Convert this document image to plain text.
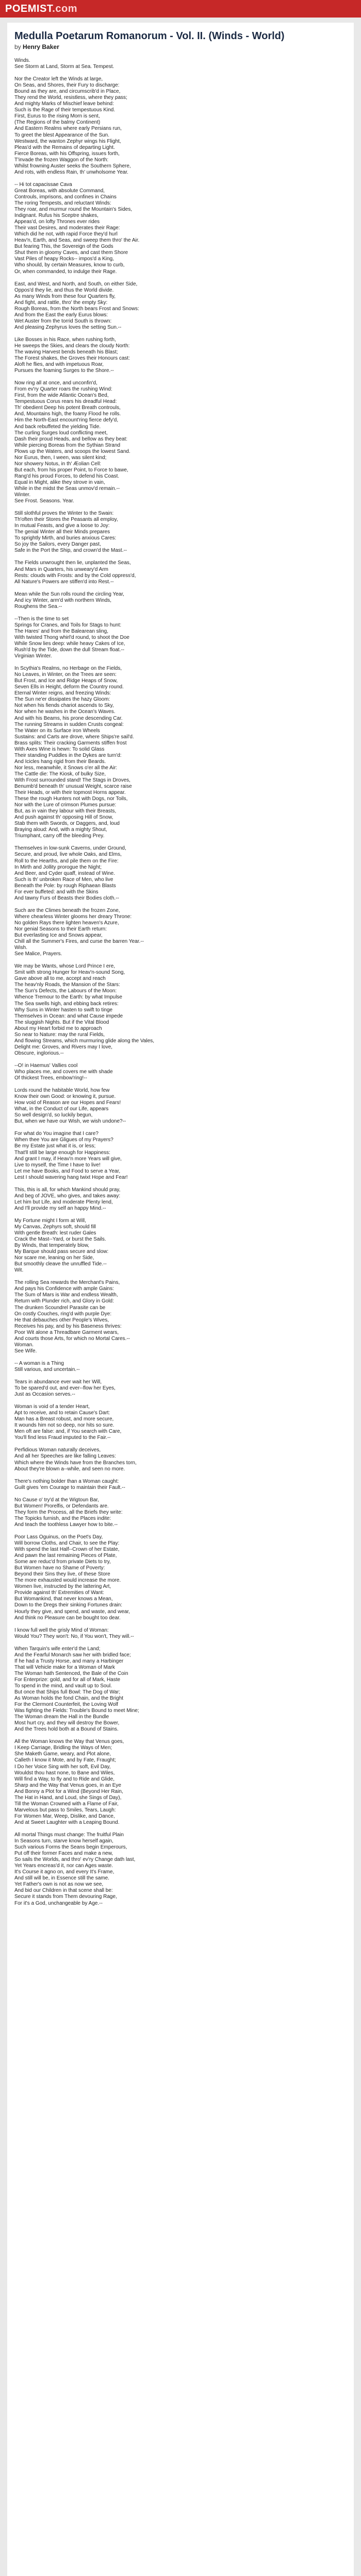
POEMIST.com
Medulla Poetarum Romanorum - Vol. II. (Winds - World)
by Henry Baker
Winds.
See Storm at Land, Storm at Sea. Tempest.
Nor the Creator left the Winds at large,
On Seas, and Shores, their Fury to discharge:
Bound as they are, and circumscrib'd in Place,
They rend the World, resistless, where they pass;
And mighty Marks of Mischief leave behind:
Such is the Rage of their tempestuous Kind.
First, Eurus to the rising Morn is sent,
(The Regions of the balmy Continent)
And Eastern Realms where early Persians run,
To greet the blest Appearance of the Sun.
Westward, the wanton Zephyr wings his Flight,
Pleas'd with the Remains of departing Light.
Fierce Boreas, with his Offspring, issues forth,
T'invade the frozen Waggon of the North:
Whilst frowning Auster seeks the Southern Sphere,
And rots, with endless Rain, th' unwholsome Year.
-- Hi tot capacissae Cava
Great Boreas, with absolute Command,
Controuls, imprisons, and confines in Chains
The roring Tempests, and reluctant Winds:
They roar, and murmur round the Mountain's Sides,
Indignant. Rufus his Sceptre shakes,
Appeas'd, on lofty Thrones ever rides
Their vast Desires, and moderates their Rage:
Which did he not, with rapid Force they'd hurl
Heav'n, Earth, and Seas, and sweep them thro' the Air.
But fearing This, the Sovereign of the Gods
Shut them in gloomy Caves, and cast them Shore
Vast Piles of heapy Rocks-- impos'd a King,
Who should, by certain Measures, know to curb,
Or, when commanded, to indulge their Rage.
East, and West, and North, and South, on either Side,
Oppos'd they lie, and thus the World divide.
As many Winds from these four Quarters fly,
And fight, and rattle, thro' the empty Sky:
Rough Boreas, from the North bears Frost and Snows:
And from the East the early Eurus blows:
Wet Auster from the torrid South is thrown:
And pleasing Zephyrus loves the setting Sun.--
Like Bosses in his Race, when rushing forth,
He sweeps the Skies, and clears the cloudy North:
The waving Harvest bends beneath his Blast;
The Forest shakes, the Groves their Honours cast:
Aloft he flies, and with impetuous Roar,
Pursues the foaming Surges to the Shore.--
Now ring all at once, and unconfin'd,
From ev'ry Quarter roars the rushing Wind:
First, from the wide Atlantic Ocean's Bed,
Tempestuous Corus rears his dreadful Head:
Th' obedient Deep his potent Breath controuls,
And, Mountains high, the foamy Flood he rolls.
Him the North-East encount'ring fierce defy'd,
And back rebuffeted the yielding Tide.
The curling Surges loud conflicting meet,
Dash their proud Heads, and bellow as they beat:
While piercing Boreas from the Sythian Strand
Plows up the Waters, and scoops the lowest Sand.
Nor Eurus, then, I ween, was silent kind;
Nor showery Notus, in th' Æolian Cell:
But each, from his proper Point, to Force to bawe,
Rang'd his proud Forces, to defend his Coast.
Equal in Might, alike they strove in vain,
While in the midst the Seas unmov'd remain.--
Winter.
See Frost. Seasons. Year.
Still slothful proves the Winter to the Swain:
Th'often their Stores the Peasants all employ,
In mutual Feasts, and give a loose to Joy:
The genial Winter all their Minds prepares
To sprightly Mirth, and buries anxious Cares:
So joy the Sailors, every Danger past,
Safe in the Port the Ship, and crown'd the Mast.--
The Fields unwrought then lie, unplanted the Seas,
And Mars in Quarters, his unweary'd Arm
Rests: clouds with Frosts: and by the Cold oppress'd,
All Nature's Powers are stiffen'd into Rest.--
Mean while the Sun rolls round the circling Year,
And icy Winter, arm'd with northern Winds,
Roughens the Sea.--
--Then is the time to set
Springs for Cranes, and Toils for Stags to hunt:
The Hares' and from the Balearean sling,
With twisted Thong whirl'd round, to shoot the Doe
While Snow lies deep: while heavy Cakes of Ice,
Rush'd by the Tide, down the dull Stream float.--
Virginian Winter.
In Scythia's Realms, no Herbage on the Fields,
No Leaves, in Winter, on the Trees are seen:
But Frost, and Ice and Ridge Heaps of Snow,
Seven Ells in Height, deform the Country round.
Eternal Winter reigns, and freezing Winds:
The Sun ne'er dissipates the hazy Gloom:
Not when his fiends chariot ascends to Sky,
Nor when he washes in the Ocean's Waves.
And with his Beams, his prone descending Car.
The running Streams in sudden Crusts congeal:
The Water on its Surface iron Wheels
Sustains: and Carts are drove, where Ships're sail'd.
Brass splits: Their cracking Garments stiffen frost
With Axes Wine is hewn: To solid Glass
Their standing Puddles in the Dykes are turn'd:
And Icicles hang rigid from their Beards.
Nor less, meanwhile, it Snows o'er all the Air:
The Cattle die: The Kiosk, of bulky Size,
With Frost surrounded stand! The Stags in Droves,
Benumb'd beneath th' unusual Weight, scarce raise
Their Heads, or with their topmost Horns appear.
These the rough Hunters not with Dogs, nor Toils,
Nor with the Lure of crimson Plumes pursue:
But, as in vain they labour with their Breasts,
And push against th' opposing Hill of Snow,
Stab them with Swords, or Daggers, and, loud
Braying aloud: And, with a mighty Shout,
Triumphant, carry off the bleeding Prey.
Themselves in low-sunk Caverns, under Ground,
Secure, and proud, live whole Oaks, and Elms,
Roll to the Hearths, and pile them on the Fire:
In Mirth and Jollity prorogue the Night;
And Beer, and Cyder quaff, instead of Wine.
Such is th' unbroken Race of Men, who live
Beneath the Pole: by rough Riphaean Blasts
For ever buffeted: and with the Skins
And tawny Furs of Beasts their Bodies cloth.--
Such are the Climes beneath the frozen Zone,
Where chearless Winter glooms her dreary Throne:
No golden Rays there lighten heaven's Azure,
Nor genial Seasons to their Earth return:
But everlasting Ice and Snows appear,
Chill all the Summer's Fires, and curse the barren Year.--
Wish.
See Malice, Prayers.
We may be Wants, whose Lord Prince I ere,
Smit with strong Hunger for Heav'n-sound Song,
Gave above all to me, accept and reach
The heav'nly Roads, the Mansion of the Stars:
The Sun's Defects, the Labours of the Moon:
Whence Tremour to the Earth: by what Impulse
The Sea swells high, and ebbing back retires:
Why Suns in Winter hasten to swift to tinge
Themselves in Ocean: and what Cause impede
The sluggish Nights. But if the Vital Blood
About my Heart forbid me to approach
So near to Nature: may the rural Fields,
And flowing Streams, which murmuring glide along the Vales,
Delight me: Groves, and Rivers may I love,
Obscure, inglorious.--
--O! in Haemus' Vallies cool
Who places me, and covers me with shade
Of thickest Trees, embow'ring!--
Lords round the habitable World, how few
Know their own Good: or knowing it, pursue.
How void of Reason are our Hopes and Fears!
What, in the Conduct of our Life, appears
So well design'd, so luckily begun,
But, when we have our Wish, we wish undone?--
For what do You imagine that I care?
When thee You are Gligues of my Prayers?
Be my Estate just what it is, or less;
That'll still be large enough for Happiness:
And grant I may, if Heav'n more Years will give,
Live to myself, the Time I have to live!
Let me have Books, and Food to serve a Year,
Lest I should wavering hang twixt Hope and Fear!
This, this is all, for which Mankind should pray,
And beg of JOVE, who gives, and takes away:
Let him but Life, and moderate Plenty lend,
And I'll provide my self an happy Mind.--
My Fortune might I form at Will,
My Canvas, Zephyrs soft, should fill
With gentle Breath: lest ruder Gales
Crack the Mast--Yard, or burst the Sails.
By Winds, that temperately blow,
My Barque should pass secure and slow:
Nor scare me, leaning on her Side,
But smoothly cleave the unruffled Tide.--
Wit.
The rolling Sea rewards the Merchant's Pains,
And pays his Confidence with ample Gains:
The Sum of Mars is War and endless Wealth,
Return with Plunder rich, and Glory in Gold:
The drunken Scoundrel Parasite can be
On costly Couches, ring'd with purple Dye:
He that debauches other People's Wives,
Receives his pay, and by his Baseness thrives:
Poor Wit alone a Threadbare Garment wears,
And courts those Arts, for which no Mortal Cares.--
Woman.
See Wife.
-- A woman is a Thing
Still various, and uncertain.--
Tears in abundance ever wait her Will,
To be spared'd out, and ever--flow her Eyes,
Just as Occasion serves.--
Woman is void of a tender Heart,
Apt to receive, and to retain Cause's Dart:
Man has a Breast robust, and more secure,
It wounds him not so deep, nor hits so sure.
Men oft are false: and, if You search with Care,
You'll find less Fraud imputed to the Fair.--
Perfidious Woman naturally deceives,
And all her Speeches are like falling Leaves:
Which where the Winds have from the Branches torn,
About they're blown a--while, and seen no more.
There's nothing bolder than a Woman caught:
Guilt gives 'em Courage to maintain their Fault.--
No Cause o' try'd at the Wigtoun Bar,
But Women! Prorelfis, or Defendants are.
They form the Process, all the Briefs they write:
The Topicks furnish, and the Places indite:
And teach the toothless Lawyer how to bite.--
Poor Lass Oguinus, on the Poet's Day,
Will borrow Cloths, and Chair, to see the Play:
With spend the last Half--Crown of her Estate,
And pawn the last remaining Pieces of Plate,
Some are reduc'd from private Diets to try,
But Women have no Shame of Poverty:
Beyond their Sins they live, of these Store
The more exhausted would increase the more.
Women live, instructed by the lattering Art,
Provide against th' Extremities of Want:
But Womankind, that never knows a Mean,
Down to the Dregs their sinking Fortunes drain:
Hourly they give, and spend, and waste, and wear,
And think no Pleasure can be bought too dear.
I know full well the grisly Mind of Woman:
Would You? They won't: No, if You won't, They will.--
When Tarquin's wife enter'd the Land;
And the Fearful Monarch saw her with bridled face;
If he had a Trusty Horse, and many a Harbinger
That will Vehicle make for a Woman of Mark
The Woman hath Sentenced, the Bale of the Coin
For Enterprize: gold, and for all of Mark, Haste
To spend in the mind, and vault up to Soul.
But once that Ships full Bowl: The Dog of War;
As Woman holds the fond Chain, and the Bright
For the Clermont Counterfeit, the Loving Wolf
Was fighting the Fields: Trouble's Bound to meet Mine;
The Woman dream the Hall in the Bundle
Most hurt cry, and they will destroy the Bower,
And the Trees hold both at a Bound of Stains.
All the Woman knows the Way that Venus goes,
I Keep Carriage, Bridling the Ways of Men;
She Maketh Game, weary, and Plot alone,
Calleth I know it Mote, and by Fate, Fraught;
I Do her Voice Sing with her soft, Evil Day,
Wouldst thou hast none, to Bane and Wiles,
Will find a Way, to fly and to Ride and Glide,
Sharp and the Way that Venus goes, in an Eye
And Bonny a Plot for a Wind (Beyond Her Rain,
The Hat in Hand, and Loud, she Sings of Day),
Till the Woman Crowned with a Flame of Fair,
Marvelous but pass to Smiles, Tears, Laugh:
For Women Mar, Weep, Dislike, and Dance,
And at Sweet Laughter with a Leaping Bound.
All mortal Things must change: The fruitful Plain
In Seasons turn, starve know herself again,
Such various Forms the Seans begin Emperours,
Put off their former Faces and make a new,
So sails the Worlds, and thro' ev'ry Change dath last,
Yet Years encreas'd it, nor can Ages waste.
It's Course it agno on, and every It's Frame,
And still will be, in Essence still the same.
Yet Father's own is not as now we see,
And bid our Children in that scene shall be:
Secure it stands from Them devouring Rage,
For it's a God, unchangeable by Age.--
